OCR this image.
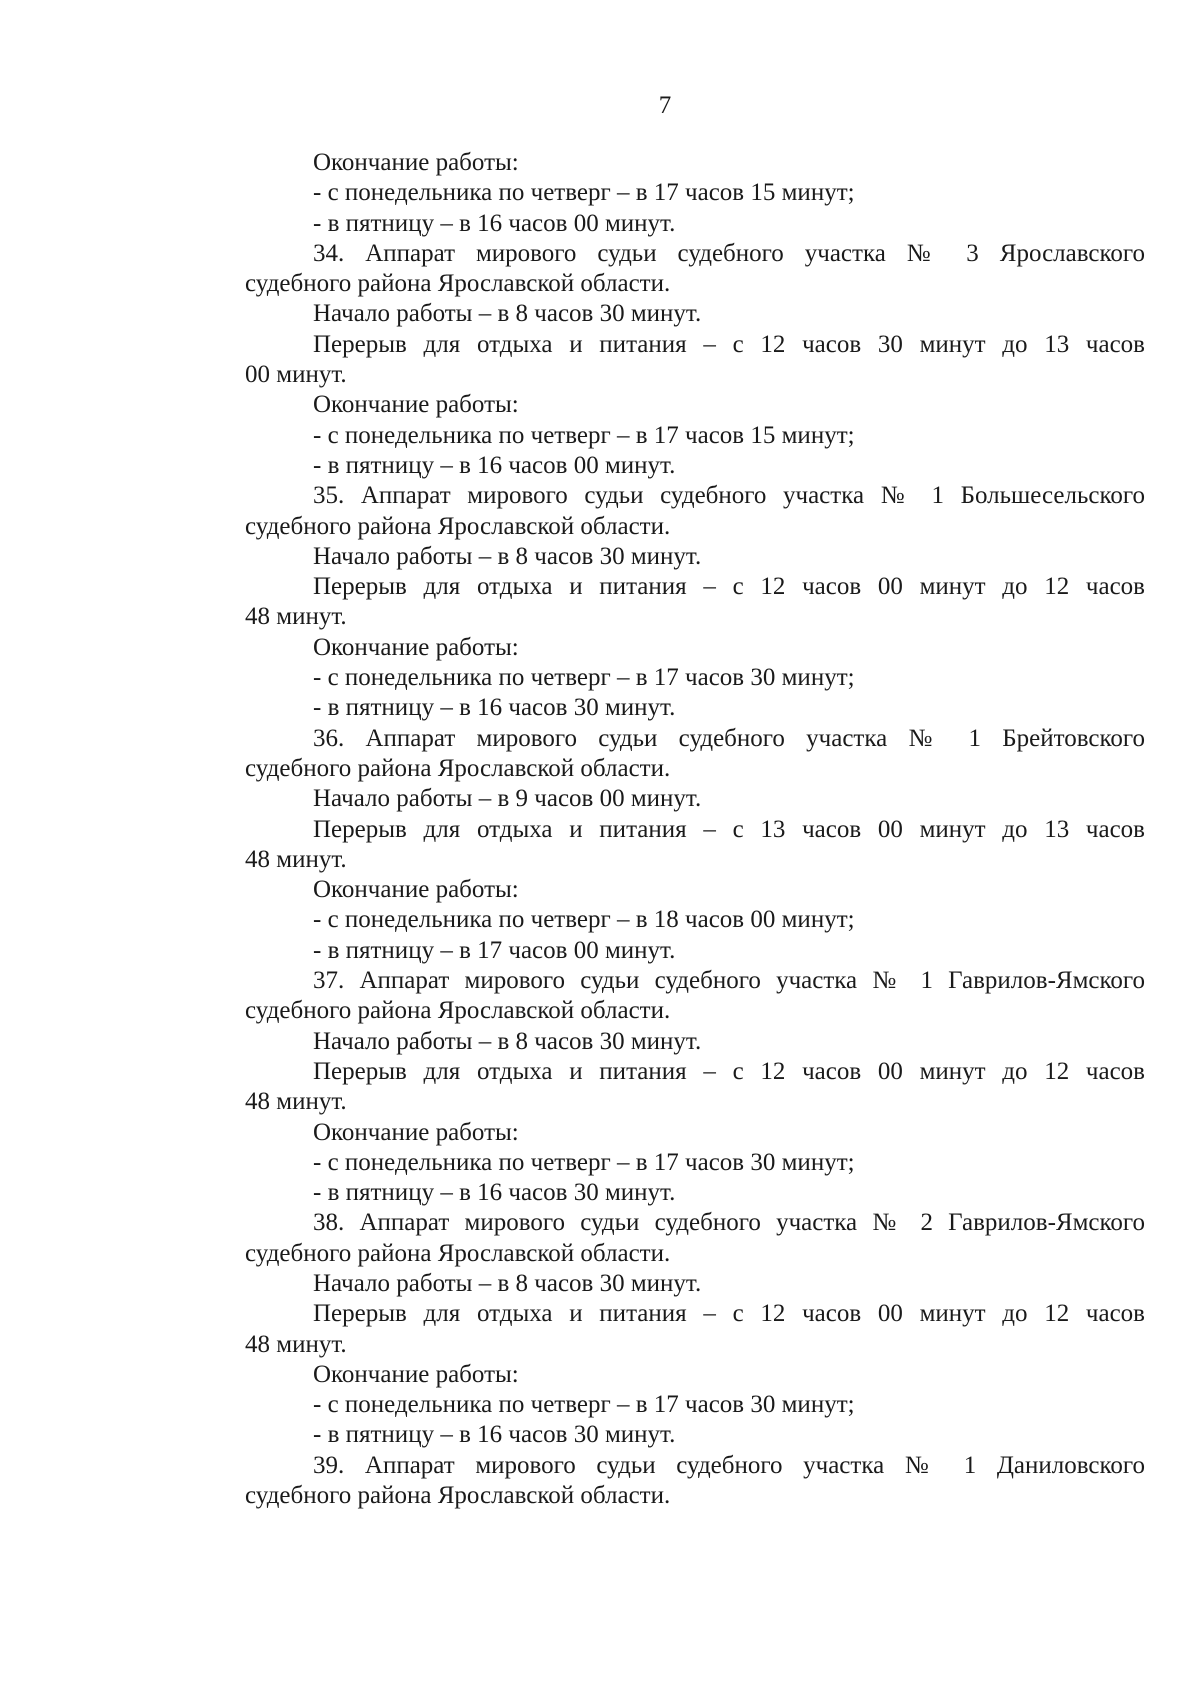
7
Окончание работы:
- с понедельника по четверг – в 17 часов 15 минут;
- в пятницу – в 16 часов 00 минут.
34. Аппарат мирового судьи судебного участка № 3 Ярославского
судебного района Ярославской области.
Начало работы – в 8 часов 30 минут.
Перерыв для отдыха и питания – с 12 часов 30 минут до 13 часов
00 минут.
Окончание работы:
- с понедельника по четверг – в 17 часов 15 минут;
- в пятницу – в 16 часов 00 минут.
35. Аппарат мирового судьи судебного участка № 1 Большесельского
судебного района Ярославской области.
Начало работы – в 8 часов 30 минут.
Перерыв для отдыха и питания – с 12 часов 00 минут до 12 часов
48 минут.
Окончание работы:
- с понедельника по четверг – в 17 часов 30 минут;
- в пятницу – в 16 часов 30 минут.
36. Аппарат мирового судьи судебного участка № 1 Брейтовского
судебного района Ярославской области.
Начало работы – в 9 часов 00 минут.
Перерыв для отдыха и питания – с 13 часов 00 минут до 13 часов
48 минут.
Окончание работы:
- с понедельника по четверг – в 18 часов 00 минут;
- в пятницу – в 17 часов 00 минут.
37. Аппарат мирового судьи судебного участка № 1 Гаврилов-Ямского
судебного района Ярославской области.
Начало работы – в 8 часов 30 минут.
Перерыв для отдыха и питания – с 12 часов 00 минут до 12 часов
48 минут.
Окончание работы:
- с понедельника по четверг – в 17 часов 30 минут;
- в пятницу – в 16 часов 30 минут.
38. Аппарат мирового судьи судебного участка № 2 Гаврилов-Ямского
судебного района Ярославской области.
Начало работы – в 8 часов 30 минут.
Перерыв для отдыха и питания – с 12 часов 00 минут до 12 часов
48 минут.
Окончание работы:
- с понедельника по четверг – в 17 часов 30 минут;
- в пятницу – в 16 часов 30 минут.
39. Аппарат мирового судьи судебного участка № 1 Даниловского
судебного района Ярославской области.
